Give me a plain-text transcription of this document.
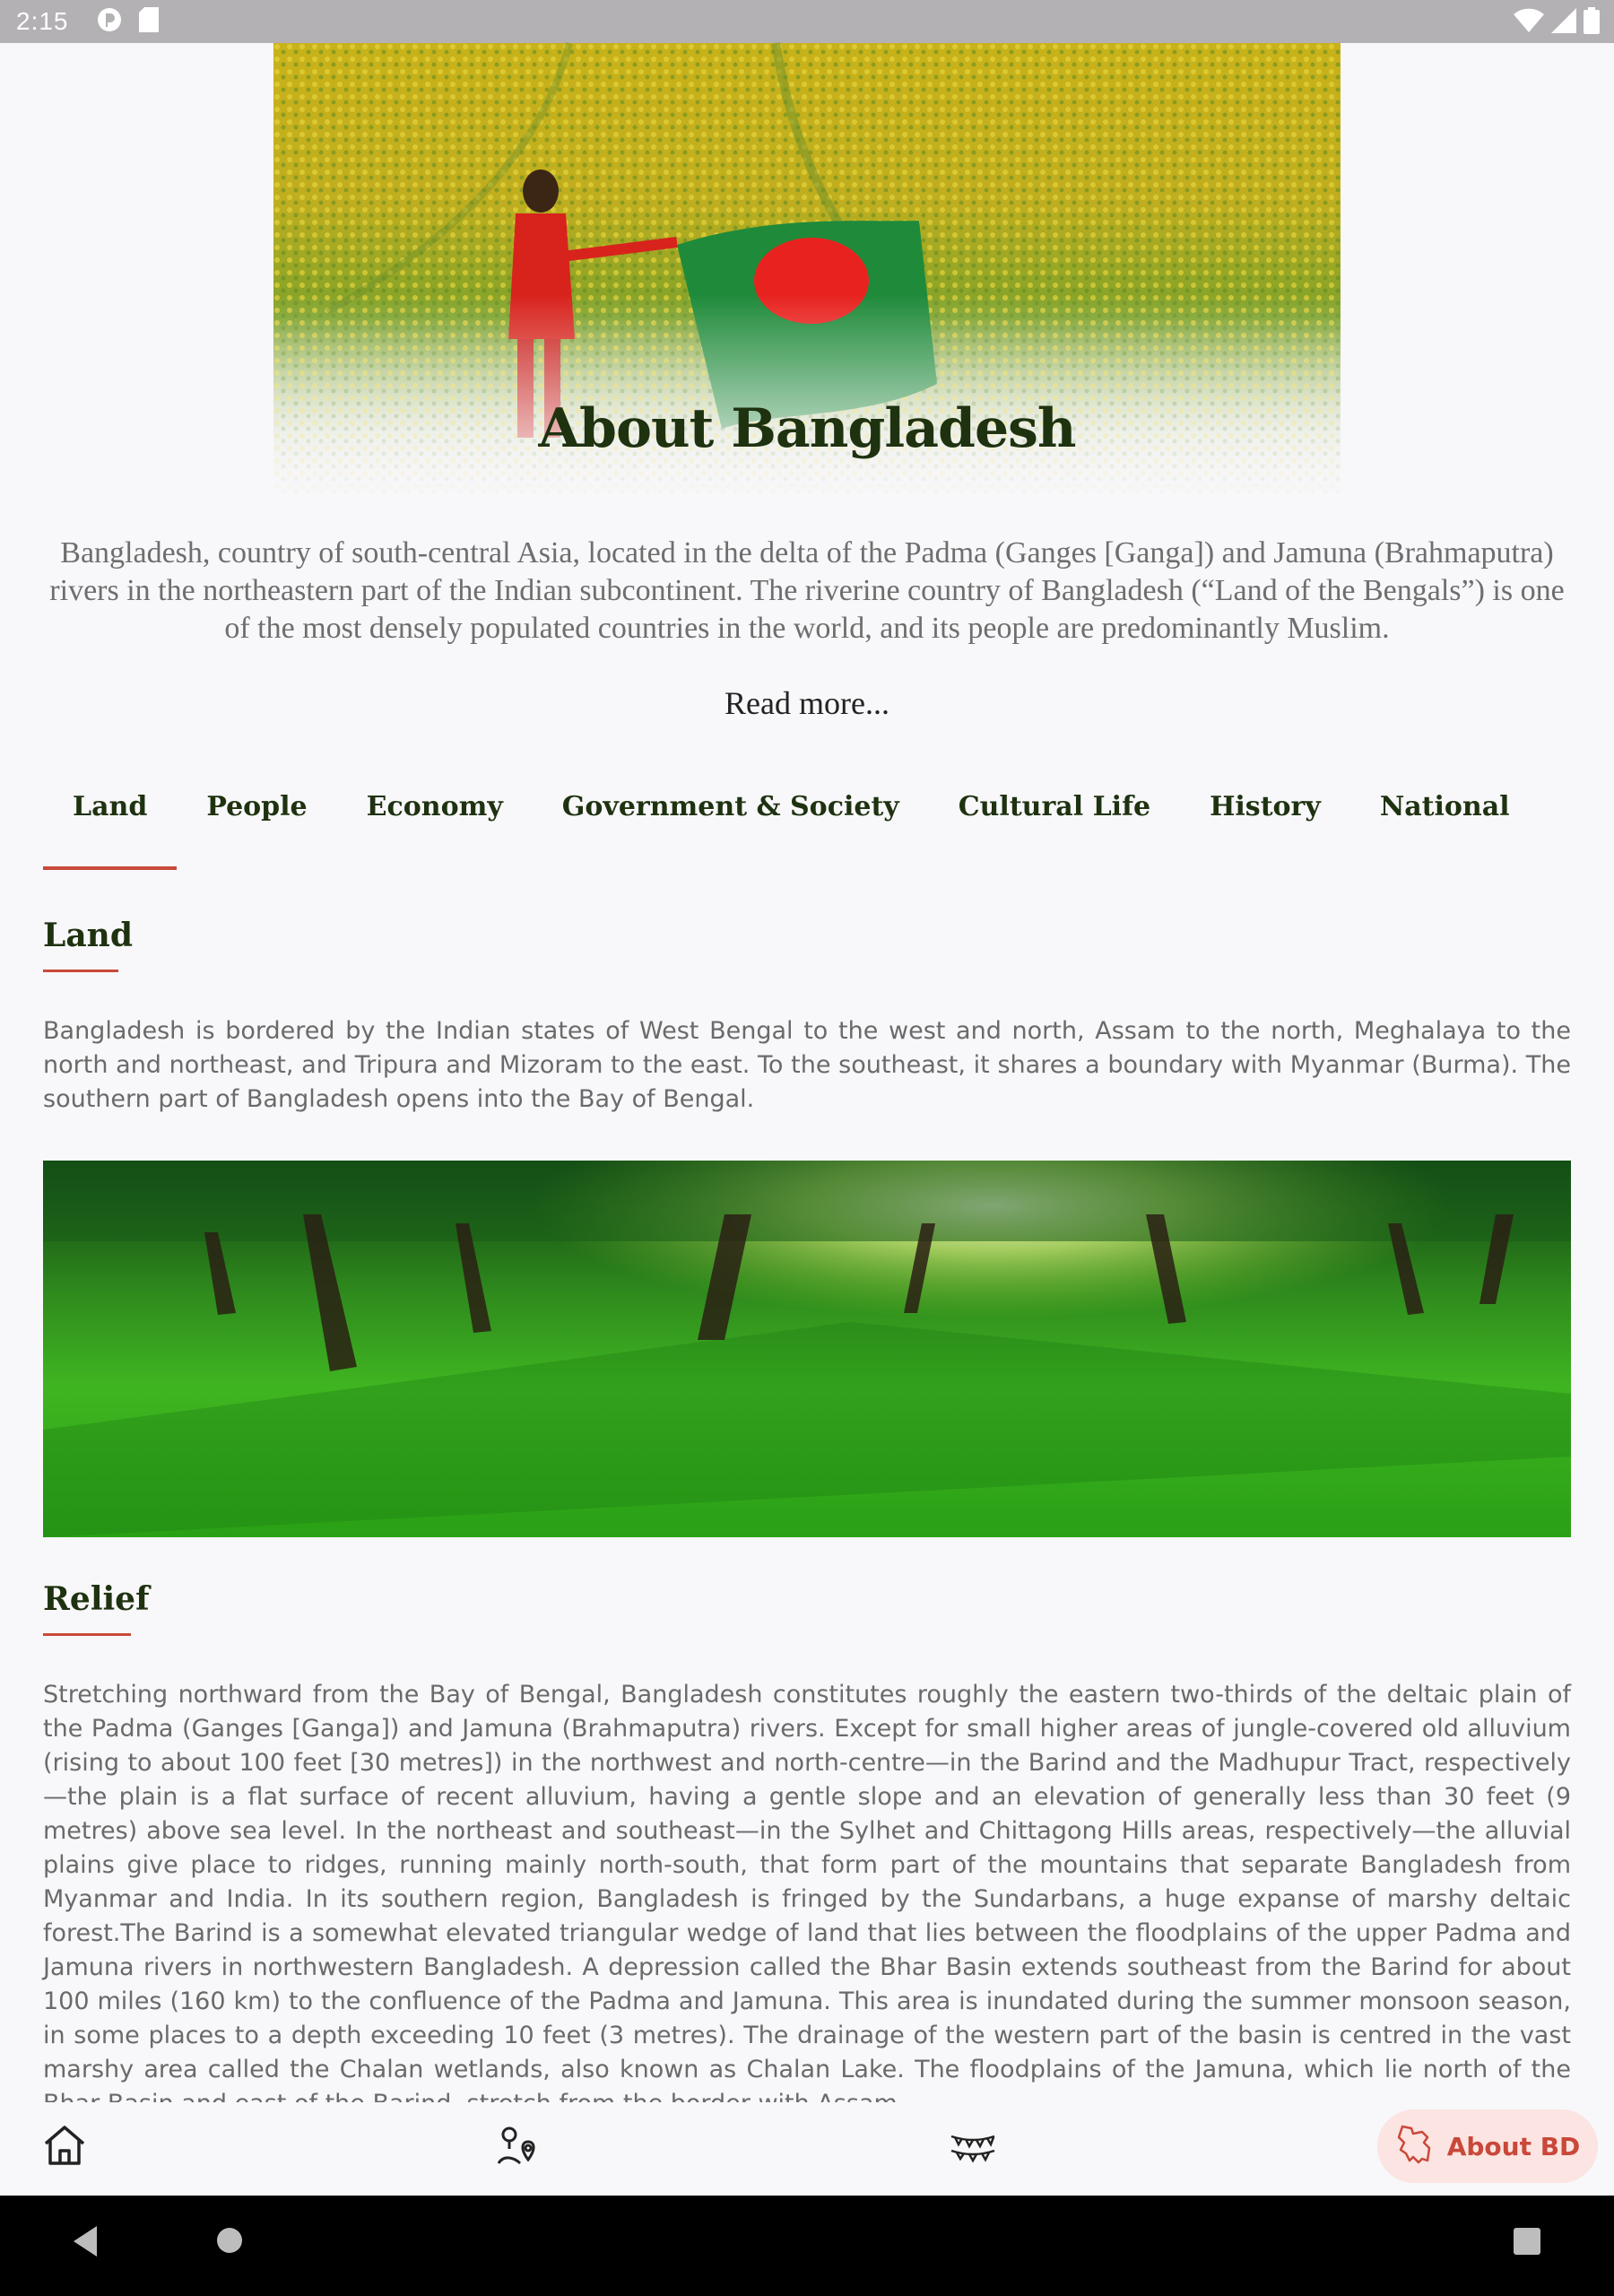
2:15
About Bangladesh

Bangladesh, country of south-central Asia, located in the delta of the Padma (Ganges [Ganga]) and Jamuna (Brahmaputra) rivers in the northeastern part of the Indian subcontinent. The riverine country of Bangladesh (“Land of the Bengals”) is one of the most densely populated countries in the world, and its people are predominantly Muslim.

Read more...
Land	People	Economy	Government & Society	Cultural Life	History	National
Land

Bangladesh is bordered by the Indian states of West Bengal to the west and north, Assam to the north, Meghalaya to the north and northeast, and Tripura and Mizoram to the east. To the southeast, it shares a boundary with Myanmar (Burma). The southern part of Bangladesh opens into the Bay of Bengal.

Relief

Stretching northward from the Bay of Bengal, Bangladesh constitutes roughly the eastern two-thirds of the deltaic plain of the Padma (Ganges [Ganga]) and Jamuna (Brahmaputra) rivers. Except for small higher areas of jungle-covered old alluvium (rising to about 100 feet [30 metres]) in the northwest and north-centre—in the Barind and the Madhupur Tract, respectively—the plain is a flat surface of recent alluvium, having a gentle slope and an elevation of generally less than 30 feet (9 metres) above sea level. In the northeast and southeast—in the Sylhet and Chittagong Hills areas, respectively—the alluvial plains give place to ridges, running mainly north-south, that form part of the mountains that separate Bangladesh from Myanmar and India. In its southern region, Bangladesh is fringed by the Sundarbans, a huge expanse of marshy deltaic forest.The Barind is a somewhat elevated triangular wedge of land that lies between the floodplains of the upper Padma and Jamuna rivers in northwestern Bangladesh. A depression called the Bhar Basin extends southeast from the Barind for about 100 miles (160 km) to the confluence of the Padma and Jamuna. This area is inundated during the summer monsoon season, in some places to a depth exceeding 10 feet (3 metres). The drainage of the western part of the basin is centred in the vast marshy area called the Chalan wetlands, also known as Chalan Lake. The floodplains of the Jamuna, which lie north of the

About BD
